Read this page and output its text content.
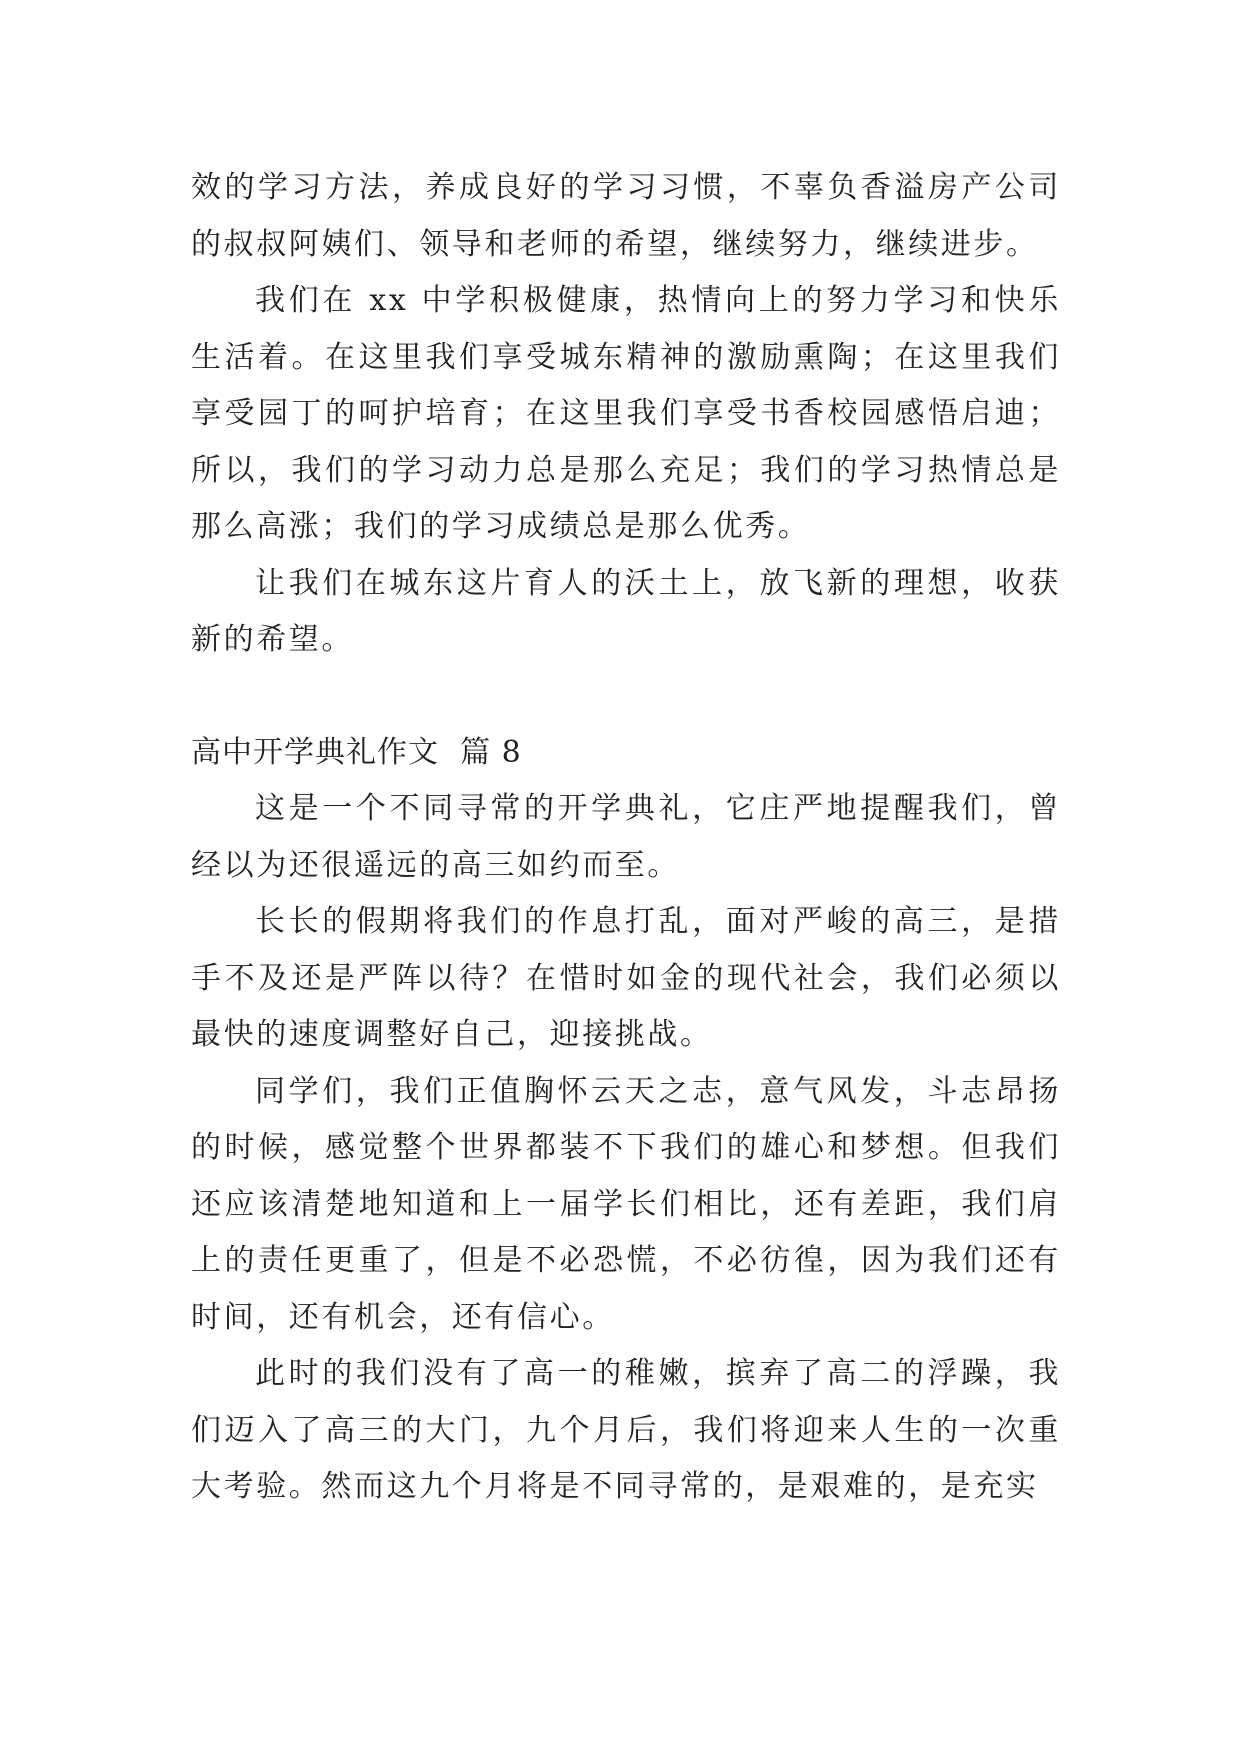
效的学习方法，养成良好的学习习惯，不辜负香溢房产公司的叔叔阿姨们、领导和老师的希望，继续努力，继续进步。

我们在 xx 中学积极健康，热情向上的努力学习和快乐生活着。在这里我们享受城东精神的激励熏陶；在这里我们享受园丁的呵护培育；在这里我们享受书香校园感悟启迪；所以，我们的学习动力总是那么充足；我们的学习热情总是那么高涨；我们的学习成绩总是那么优秀。

让我们在城东这片育人的沃土上，放飞新的理想，收获新的希望。

高中开学典礼作文  篇 8

这是一个不同寻常的开学典礼，它庄严地提醒我们，曾经以为还很遥远的高三如约而至。

长长的假期将我们的作息打乱，面对严峻的高三，是措手不及还是严阵以待？在惜时如金的现代社会，我们必须以最快的速度调整好自己，迎接挑战。

同学们，我们正值胸怀云天之志，意气风发，斗志昂扬的时候，感觉整个世界都装不下我们的雄心和梦想。但我们还应该清楚地知道和上一届学长们相比，还有差距，我们肩上的责任更重了，但是不必恐慌，不必彷徨，因为我们还有时间，还有机会，还有信心。

此时的我们没有了高一的稚嫩，摈弃了高二的浮躁，我们迈入了高三的大门，九个月后，我们将迎来人生的一次重大考验。然而这九个月将是不同寻常的，是艰难的，是充实
